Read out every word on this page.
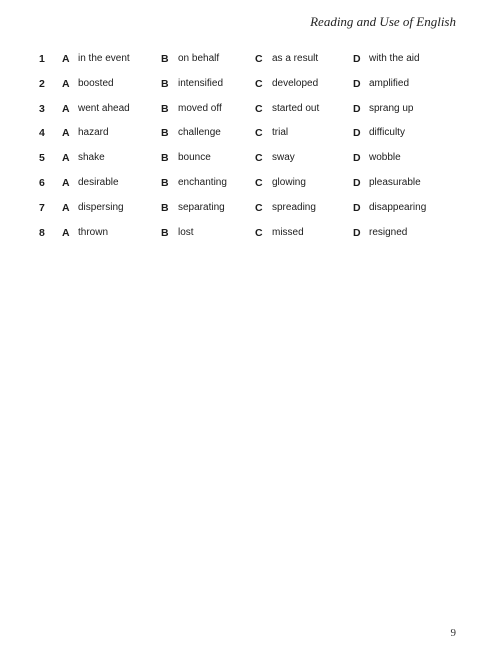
Reading and Use of English
1 A in the event	B on behalf	C as a result	D with the aid
2 A boosted	B intensified	C developed	D amplified
3 A went ahead	B moved off	C started out	D sprang up
4 A hazard	B challenge	C trial	D difficulty
5 A shake	B bounce	C sway	D wobble
6 A desirable	B enchanting	C glowing	D pleasurable
7 A dispersing	B separating	C spreading	D disappearing
8 A thrown	B lost	C missed	D resigned
9
